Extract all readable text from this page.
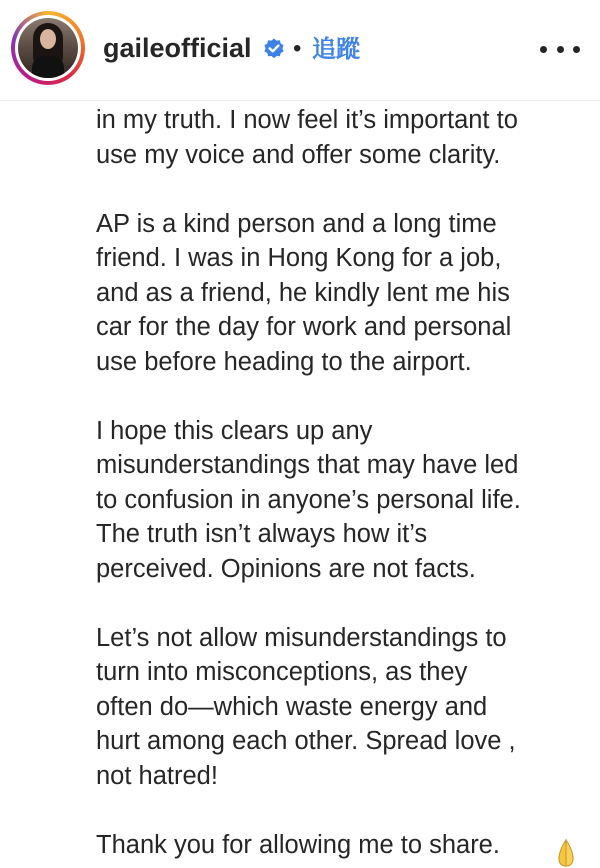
gaileofficial • 追蹤
in my truth. I now feel it’s important to
use my voice and offer some clarity.
AP is a kind person and a long time
friend. I was in Hong Kong for a job,
and as a friend, he kindly lent me his
car for the day for work and personal
use before heading to the airport.
I hope this clears up any
misunderstandings that may have led
to confusion in anyone’s personal life.
The truth isn’t always how it’s
perceived. Opinions are not facts.
Let’s not allow misunderstandings to
turn into misconceptions, as they
often do—which waste energy and
hurt among each other. Spread love ,
not hatred!
Thank you for allowing me to share.
